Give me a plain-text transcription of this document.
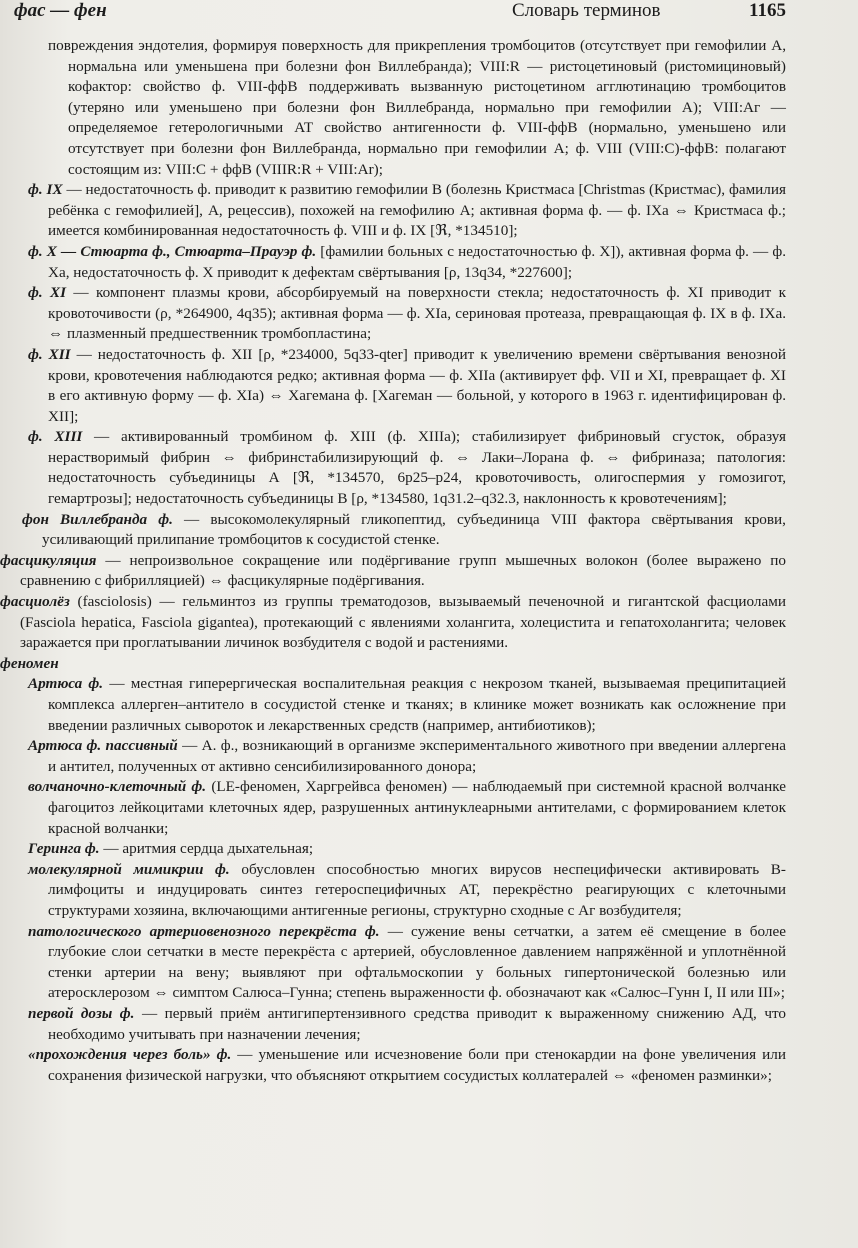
фас — фен	Словарь терминов	1165

повреждения эндотелия, формируя поверхность для прикрепления тромбоцитов (отсутствует при гемофилии А, нормальна или уменьшена при болезни фон Виллебранда); VIII:R — ристоцетиновый (ристомициновый) кофактор: свойство ф. VIII-ффВ поддерживать вызванную ристоцетином агглютинацию тромбоцитов (утеряно или уменьшено при болезни фон Виллебранда, нормально при гемофилии А); VIII:Аг — определяемое гетерологичными АТ свойство антигенности ф. VIII-ффВ (нормально, уменьшено или отсутствует при болезни фон Виллебранда, нормально при гемофилии А; ф. VIII (VIII:C)-ффВ: полагают состоящим из: VIII:C + ффВ (VIIIR:R + VIII:Ar);

ф. IX — недостаточность ф. приводит к развитию гемофилии В (болезнь Кристмаса [Christmas (Кристмас), фамилия ребёнка с гемофилией], А, рецессив), похожей на гемофилию А; активная форма ф. — ф. IXa ⇔ Кристмаса ф.; имеется комбинированная недостаточность ф. VIII и ф. IX [ℜ, *134510];

ф. X — Стюарта ф., Стюарта–Прауэр ф. [фамилии больных с недостаточностью ф. X]), активная форма ф. — ф. Xa, недостаточность ф. X приводит к дефектам свёртывания [ρ, 13q34, *227600];

ф. XI — компонент плазмы крови, абсорбируемый на поверхности стекла; недостаточность ф. XI приводит к кровоточивости (ρ, *264900, 4q35); активная форма — ф. XIa, сериновая протеаза, превращающая ф. IX в ф. IXa. ⇔ плазменный предшественник тромбопластина;

ф. XII — недостаточность ф. XII [ρ, *234000, 5q33-qter] приводит к увеличению времени свёртывания венозной крови, кровотечения наблюдаются редко; активная форма — ф. XIIa (активирует фф. VII и XI, превращает ф. XI в его активную форму — ф. XIa) ⇔ Хагемана ф. [Хагеман — больной, у которого в 1963 г. идентифицирован ф. XII];

ф. XIII — активированный тромбином ф. XIII (ф. XIIIa); стабилизирует фибриновый сгусток, образуя нерастворимый фибрин ⇔ фибринстабилизирующий ф. ⇔ Лаки–Лорана ф. ⇔ фибриназа; патология: недостаточность субъединицы А [ℜ, *134570, 6p25–p24, кровоточивость, олигоспермия у гомозигот, гемартрозы]; недостаточность субъединицы В [ρ, *134580, 1q31.2–q32.3, наклонность к кровотечениям];

фон Виллебранда ф. — высокомолекулярный гликопептид, субъединица VIII фактора свёртывания крови, усиливающий прилипание тромбоцитов к сосудистой стенке.

фасцикуляция — непроизвольное сокращение или подёргивание групп мышечных волокон (более выражено по сравнению с фибрилляцией) ⇔ фасцикулярные подёргивания.

фасциолёз (fasciolosis) — гельминтоз из группы трематодозов, вызываемый печеночной и гигантской фасциолами (Fasciola hepatica, Fasciola gigantea), протекающий с явлениями холангита, холецистита и гепатохолангита; человек заражается при проглатывании личинок возбудителя с водой и растениями.

феномен

Артюса ф. — местная гиперергическая воспалительная реакция с некрозом тканей, вызываемая преципитацией комплекса аллерген–антитело в сосудистой стенке и тканях; в клинике может возникать как осложнение при введении различных сывороток и лекарственных средств (например, антибиотиков);

Артюса ф. пассивный — А. ф., возникающий в организме экспериментального животного при введении аллергена и антител, полученных от активно сенсибилизированного донора;

волчаночно-клеточный ф. (LE-феномен, Харгрейвса феномен) — наблюдаемый при системной красной волчанке фагоцитоз лейкоцитами клеточных ядер, разрушенных антинуклеарными антителами, с формированием клеток красной волчанки;

Геринга ф. — аритмия сердца дыхательная;

молекулярной мимикрии ф. обусловлен способностью многих вирусов неспецифически активировать В-лимфоциты и индуцировать синтез гетероспецифичных АТ, перекрёстно реагирующих с клеточными структурами хозяина, включающими антигенные регионы, структурно сходные с Аг возбудителя;

патологического артериовенозного перекрёста ф. — сужение вены сетчатки, а затем её смещение в более глубокие слои сетчатки в месте перекрёста с артерией, обусловленное давлением напряжённой и уплотнённой стенки артерии на вену; выявляют при офтальмоскопии у больных гипертонической болезнью или атеросклерозом ⇔ симптом Салюса–Гунна; степень выраженности ф. обозначают как «Салюс–Гунн I, II или III»;

первой дозы ф. — первый приём антигипертензивного средства приводит к выраженному снижению АД, что необходимо учитывать при назначении лечения;

«прохождения через боль» ф. — уменьшение или исчезновение боли при стенокардии на фоне увеличения или сохранения физической нагрузки, что объясняют открытием сосудистых коллатералей ⇔ «феномен разминки»;
